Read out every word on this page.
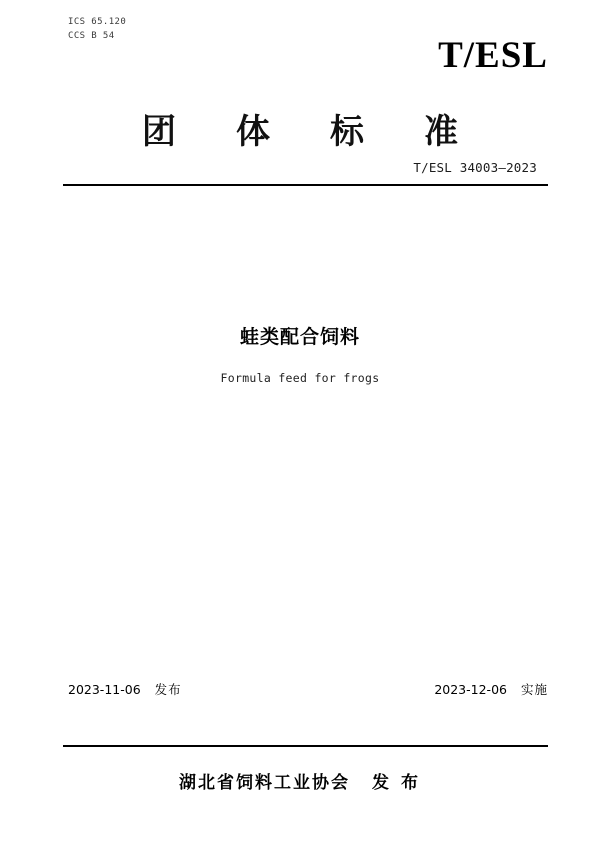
ICS 65.120
CCS B 54	T/ESL
团 体 标 准
T/ESL 34003—2023
蛙类配合饲料
Formula feed for frogs
2023-11-06 发布	2023-12-06 实施
湖北省饲料工业协会 发 布
